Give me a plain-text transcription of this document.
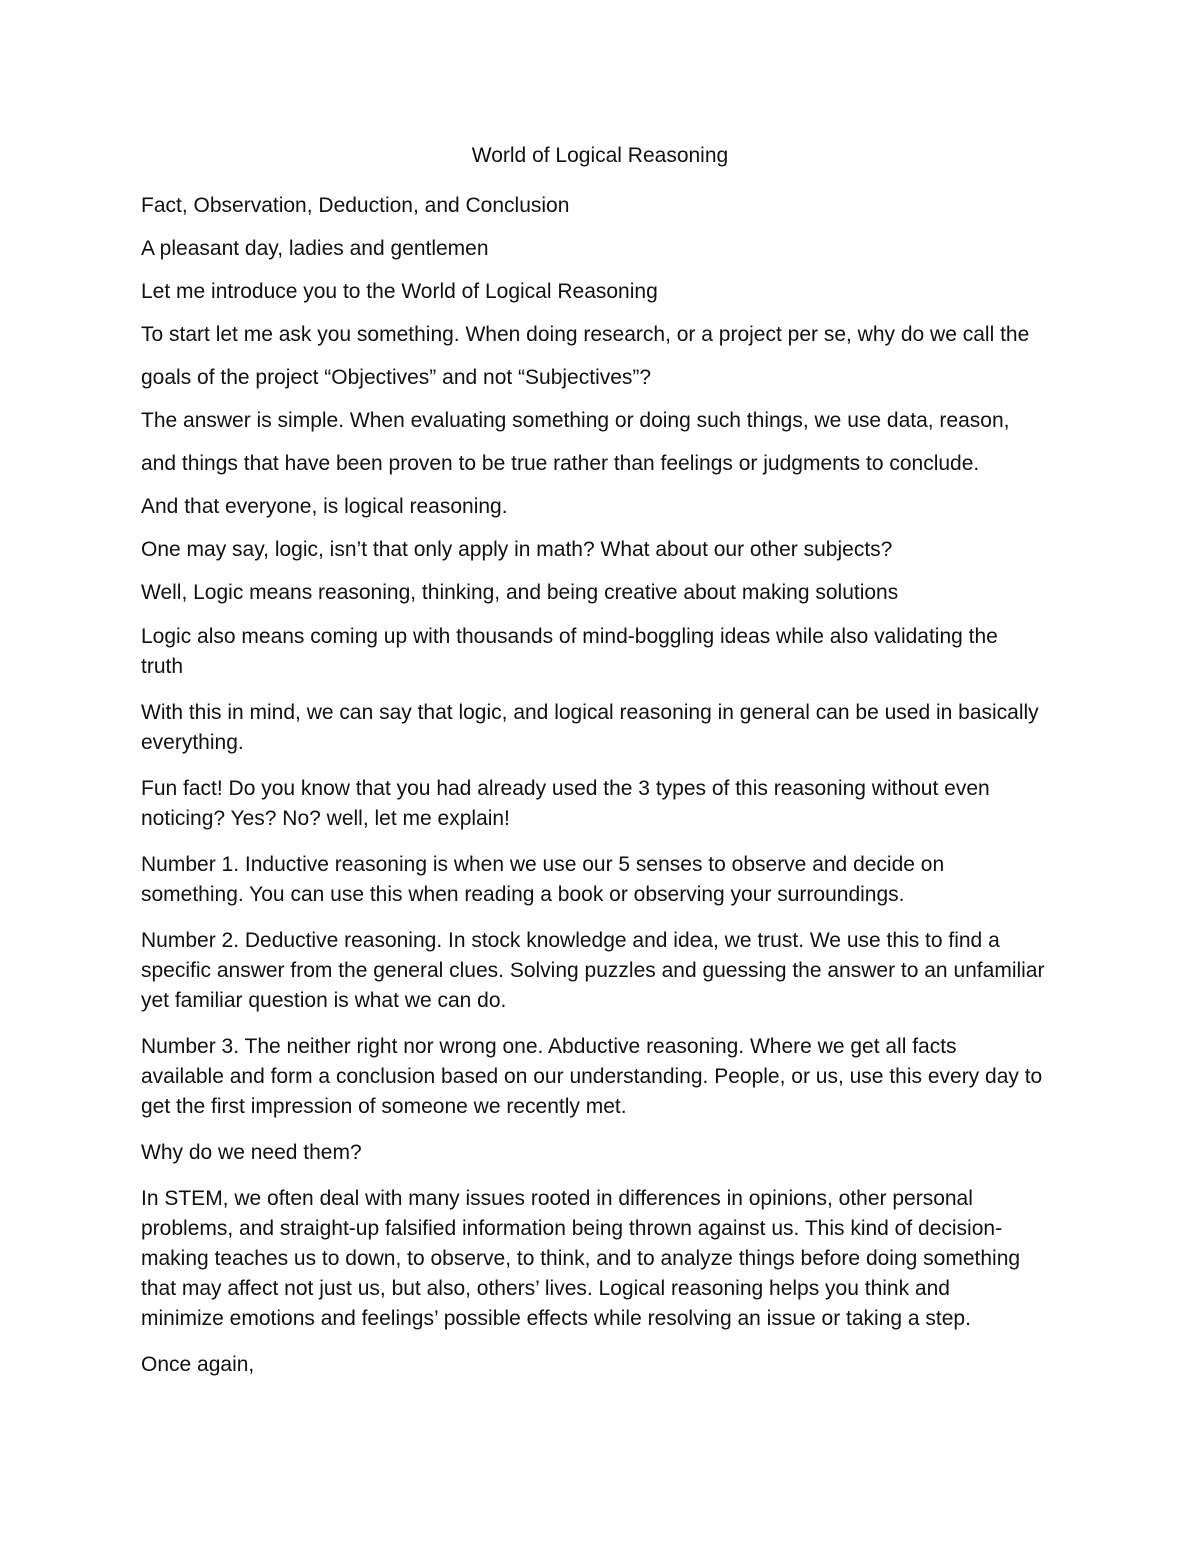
World of Logical Reasoning

Fact, Observation, Deduction, and Conclusion

A pleasant day, ladies and gentlemen

Let me introduce you to the World of Logical Reasoning

To start let me ask you something. When doing research, or a project per se, why do we call the

goals of the project “Objectives” and not “Subjectives”?

The answer is simple. When evaluating something or doing such things, we use data, reason,

and things that have been proven to be true rather than feelings or judgments to conclude.

And that everyone, is logical reasoning.

One may say, logic, isn’t that only apply in math? What about our other subjects?

Well, Logic means reasoning, thinking, and being creative about making solutions

Logic also means coming up with thousands of mind-boggling ideas while also validating the

truth

With this in mind, we can say that logic, and logical reasoning in general can be used in basically

everything.

Fun fact! Do you know that you had already used the 3 types of this reasoning without even

noticing? Yes? No? well, let me explain!

Number 1. Inductive reasoning is when we use our 5 senses to observe and decide on

something. You can use this when reading a book or observing your surroundings.

Number 2. Deductive reasoning. In stock knowledge and idea, we trust. We use this to find a

specific answer from the general clues. Solving puzzles and guessing the answer to an unfamiliar

yet familiar question is what we can do.

Number 3. The neither right nor wrong one. Abductive reasoning. Where we get all facts

available and form a conclusion based on our understanding. People, or us, use this every day to

get the first impression of someone we recently met.

Why do we need them?

In STEM, we often deal with many issues rooted in differences in opinions, other personal

problems, and straight-up falsified information being thrown against us. This kind of decision-

making teaches us to down, to observe, to think, and to analyze things before doing something

that may affect not just us, but also, others’ lives. Logical reasoning helps you think and

minimize emotions and feelings’ possible effects while resolving an issue or taking a step.

Once again,
